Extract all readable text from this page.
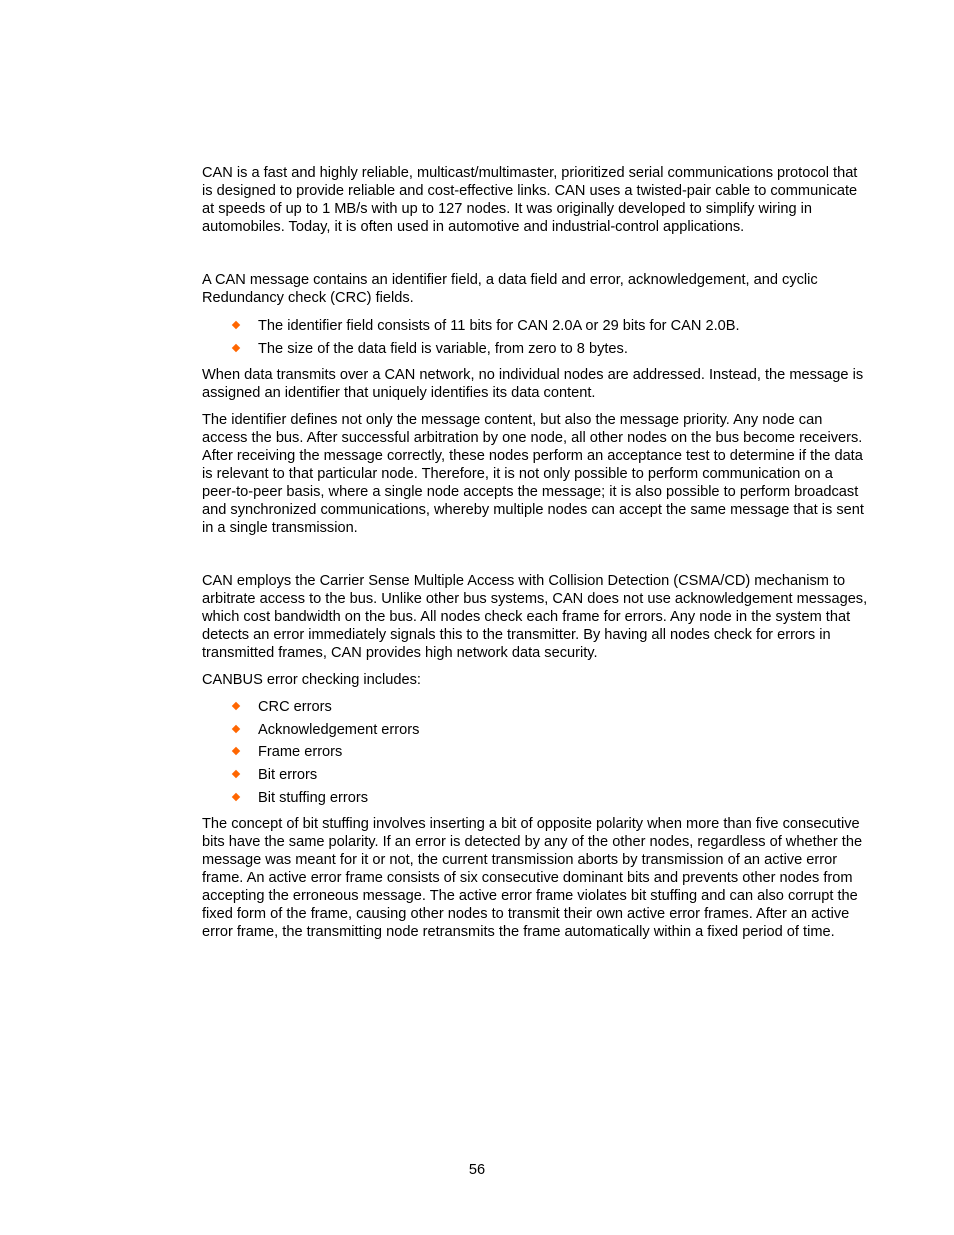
CAN is a fast and highly reliable, multicast/multimaster, prioritized serial communications protocol that is designed to provide reliable and cost-effective links. CAN uses a twisted-pair cable to communicate at speeds of up to 1 MB/s with up to 127 nodes. It was originally developed to simplify wiring in automobiles. Today, it is often used in automotive and industrial-control applications.

A CAN message contains an identifier field, a data field and error, acknowledgement, and cyclic Redundancy check (CRC) fields.

The identifier field consists of 11 bits for CAN 2.0A or 29 bits for CAN 2.0B.
The size of the data field is variable, from zero to 8 bytes.

When data transmits over a CAN network, no individual nodes are addressed. Instead, the message is assigned an identifier that uniquely identifies its data content.

The identifier defines not only the message content, but also the message priority. Any node can access the bus. After successful arbitration by one node, all other nodes on the bus become receivers. After receiving the message correctly, these nodes perform an acceptance test to determine if the data is relevant to that particular node. Therefore, it is not only possible to perform communication on a peer-to-peer basis, where a single node accepts the message; it is also possible to perform broadcast and synchronized communications, whereby multiple nodes can accept the same message that is sent in a single transmission.

CAN employs the Carrier Sense Multiple Access with Collision Detection (CSMA/CD) mechanism to arbitrate access to the bus. Unlike other bus systems, CAN does not use acknowledgement messages, which cost bandwidth on the bus. All nodes check each frame for errors. Any node in the system that detects an error immediately signals this to the transmitter. By having all nodes check for errors in transmitted frames, CAN provides high network data security.

CANBUS error checking includes:

CRC errors
Acknowledgement errors
Frame errors
Bit errors
Bit stuffing errors

The concept of bit stuffing involves inserting a bit of opposite polarity when more than five consecutive bits have the same polarity. If an error is detected by any of the other nodes, regardless of whether the message was meant for it or not, the current transmission aborts by transmission of an active error frame. An active error frame consists of six consecutive dominant bits and prevents other nodes from accepting the erroneous message. The active error frame violates bit stuffing and can also corrupt the fixed form of the frame, causing other nodes to transmit their own active error frames. After an active error frame, the transmitting node retransmits the frame automatically within a fixed period of time.

56
